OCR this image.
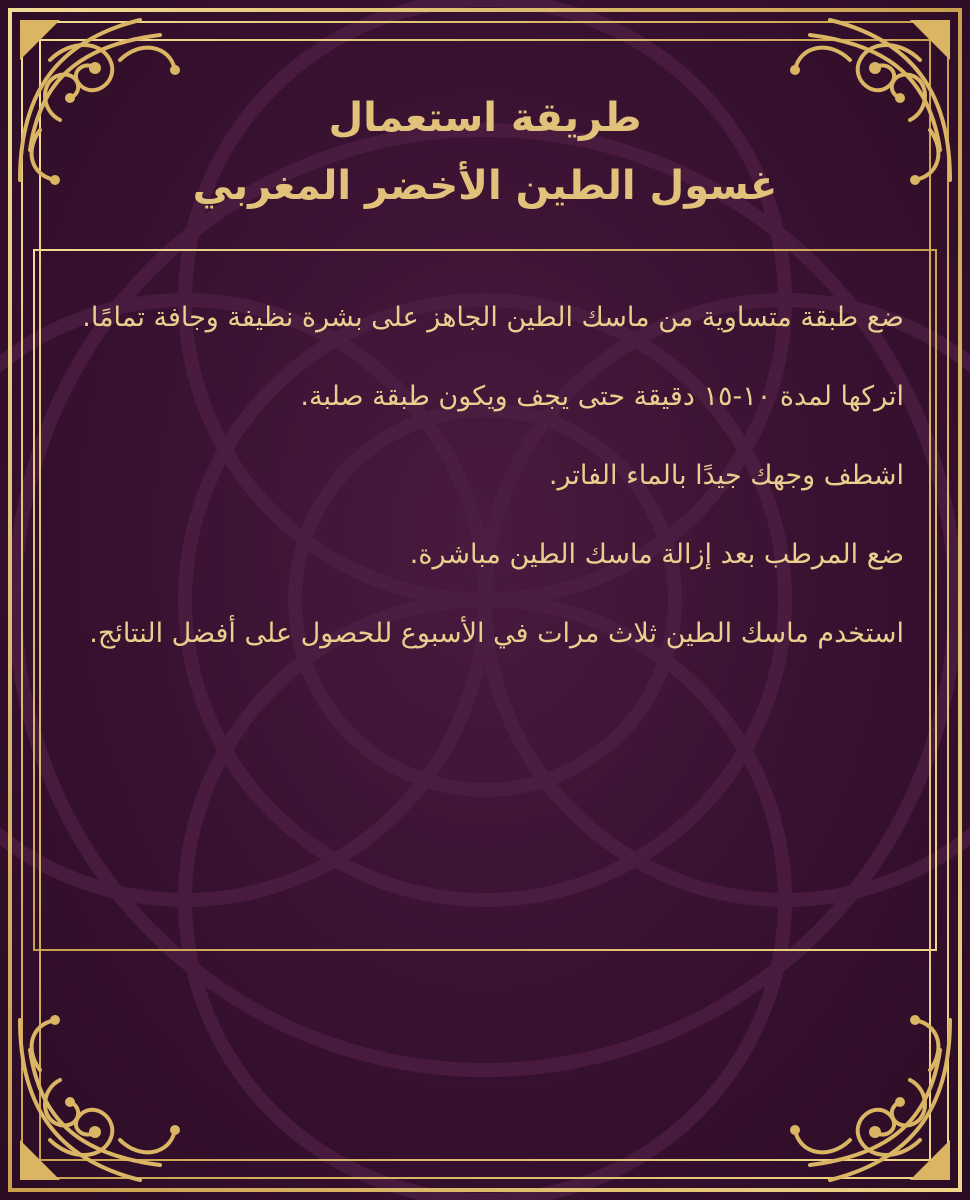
طريقة استعمال
غسول الطين الأخضر المغربي
ضع طبقة متساوية من ماسك الطين الجاهز على بشرة نظيفة وجافة تمامًا.
اتركها لمدة ١٠-١٥ دقيقة حتى يجف ويكون طبقة صلبة.
اشطف وجهك جيدًا بالماء الفاتر.
ضع المرطب بعد إزالة ماسك الطين مباشرة.
استخدم ماسك الطين ثلاث مرات في الأسبوع للحصول على أفضل النتائج.
